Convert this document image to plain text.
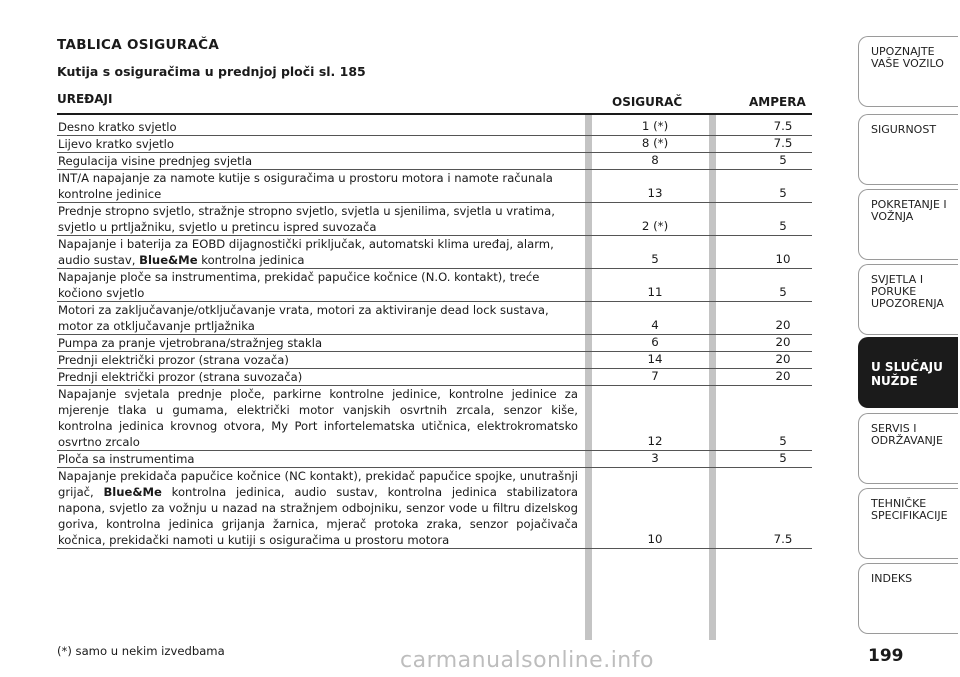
TABLICA OSIGURAČA
Kutija s osiguračima u prednjoj ploči sl. 185
UREĐAJI	OSIGURAČ	AMPERA
Desno kratko svjetlo	1 (*)	7.5
Lijevo kratko svjetlo	8 (*)	7.5
Regulacija visine prednjeg svjetla	8	5
INT/A napajanje za namote kutije s osiguračima u prostoru motora i namote računala kontrolne jedinice	13	5
Prednje stropno svjetlo, stražnje stropno svjetlo, svjetla u sjenilima, svjetla u vratima, svjetlo u prtljažniku, svjetlo u pretincu ispred suvozača	2 (*)	5
Napajanje i baterija za EOBD dijagnostički priključak, automatski klima uređaj, alarm, audio sustav, Blue&Me kontrolna jedinica	5	10
Napajanje ploče sa instrumentima, prekidač papučice kočnice (N.O. kontakt), treće kočiono svjetlo	11	5
Motori za zaključavanje/otključavanje vrata, motori za aktiviranje dead lock sustava, motor za otključavanje prtljažnika	4	20
Pumpa za pranje vjetrobrana/stražnjeg stakla	6	20
Prednji električki prozor (strana vozača)	14	20
Prednji električki prozor (strana suvozača)	7	20
Napajanje svjetala prednje ploče, parkirne kontrolne jedinice, kontrolne jedinice za mjerenje tlaka u gumama, električki motor vanjskih osvrtnih zrcala, senzor kiše, kontrolna jedinica krovnog otvora, My Port infortelematska utičnica, elektrokromatsko osvrtno zrcalo	12	5
Ploča sa instrumentima	3	5
Napajanje prekidača papučice kočnice (NC kontakt), prekidač papučice spojke, unutrašnji grijač, Blue&Me kontrolna jedinica, audio sustav, kontrolna jedinica stabilizatora napona, svjetlo za vožnju u nazad na stražnjem odbojniku, senzor vode u filtru dizelskog goriva, kontrolna jedinica grijanja žarnica, mjerač protoka zraka, senzor pojačivača kočnica, prekidački namoti u kutiji s osiguračima u prostoru motora	10	7.5
(*) samo u nekim izvedbama	carmanualsonline.info	199
UPOZNAJTE VAŠE VOZILO
SIGURNOST
POKRETANJE I VOŽNJA
SVJETLA I PORUKE UPOZORENJA
U SLUČAJU NUŽDE
SERVIS I ODRŽAVANJE
TEHNIČKE SPECIFIKACIJE
INDEKS
